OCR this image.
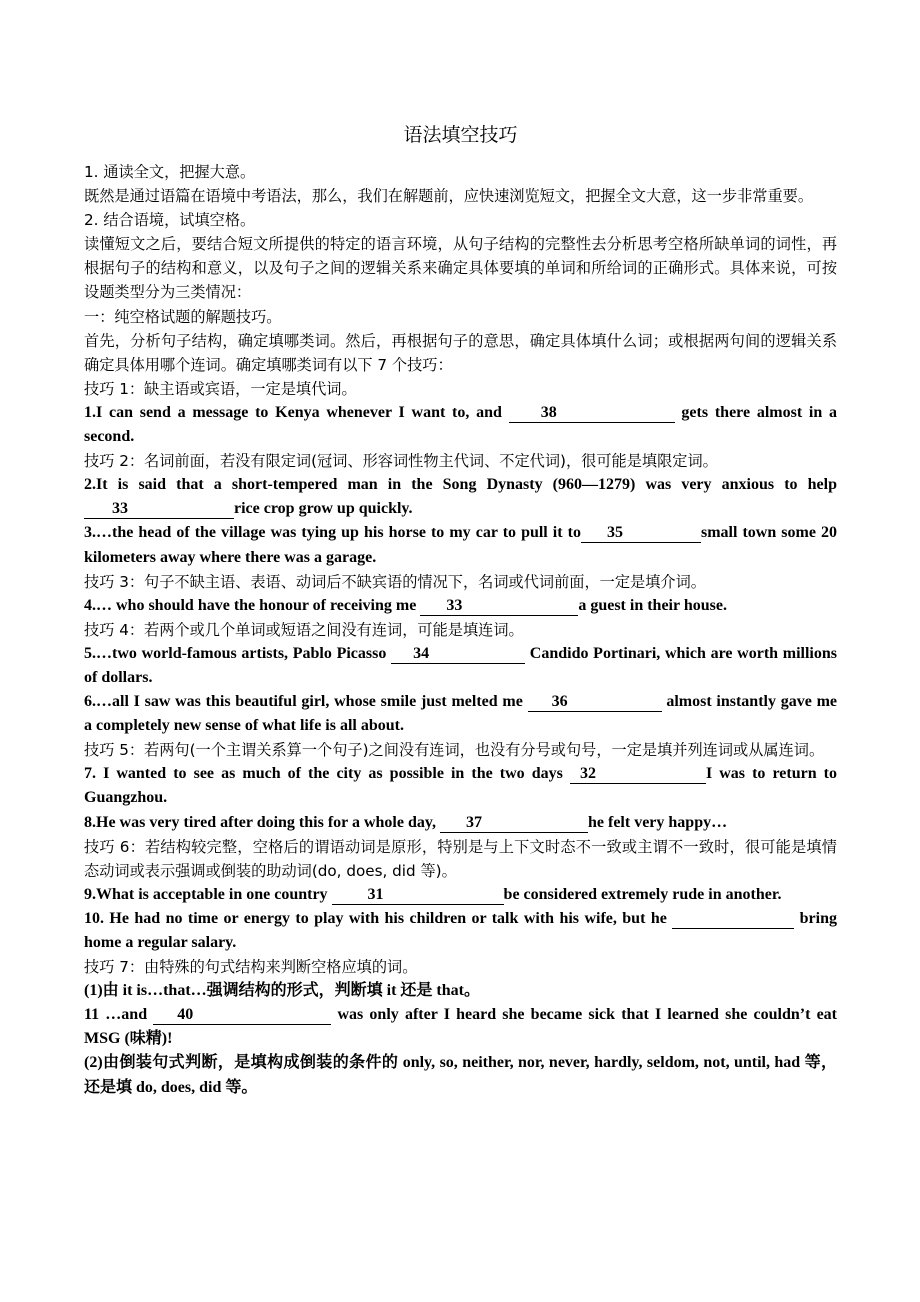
语法填空技巧

1. 通读全文，把握大意。

既然是通过语篇在语境中考语法，那么，我们在解题前，应快速浏览短文，把握全文大意，这一步非常重要。

2. 结合语境，试填空格。

读懂短文之后，要结合短文所提供的特定的语言环境，从句子结构的完整性去分析思考空格所缺单词的词性，再根据句子的结构和意义，以及句子之间的逻辑关系来确定具体要填的单词和所给词的正确形式。具体来说，可按设题类型分为三类情况：

一：纯空格试题的解题技巧。

首先，分析句子结构，确定填哪类词。然后，再根据句子的意思，确定具体填什么词；或根据两句间的逻辑关系确定具体用哪个连词。确定填哪类词有以下 7 个技巧：

技巧 1：缺主语或宾语，一定是填代词。

1.I can send a message to Kenya whenever I want to, and 38	gets there almost in a second.

技巧 2：名词前面，若没有限定词(冠词、形容词性物主代词、不定代词)，很可能是填限定词。

2.It is said that a short-tempered man in the Song Dynasty (960—1279) was very anxious to help 33	rice crop grow up quickly.

3.…the head of the village was tying up his horse to my car to pull it to 35	small town some 20 kilometers away where there was a garage.

技巧 3：句子不缺主语、表语、动词后不缺宾语的情况下，名词或代词前面，一定是填介词。

4.… who should have the honour of receiving me 33	a guest in their house.

技巧 4：若两个或几个单词或短语之间没有连词，可能是填连词。

5.…two world-famous artists, Pablo Picasso 34	Candido Portinari, which are worth millions of dollars.

6.…all I saw was this beautiful girl, whose smile just melted me 36	almost instantly gave me a completely new sense of what life is all about.

技巧 5：若两句(一个主谓关系算一个句子)之间没有连词，也没有分号或句号，一定是填并列连词或从属连词。

7. I wanted to see as much of the city as possible in the two days 32	I was to return to Guangzhou.

8.He was very tired after doing this for a whole day, 37	he felt very happy…

技巧 6：若结构较完整，空格后的谓语动词是原形，特别是与上下文时态不一致或主谓不一致时，很可能是填情态动词或表示强调或倒装的助动词(do, does, did 等)。

9.What is acceptable in one country 31	be considered extremely rude in another.

10. He had no time or energy to play with his children or talk with his wife, but he	bring home a regular salary.

技巧 7：由特殊的句式结构来判断空格应填的词。

(1)由 it is…that…强调结构的形式，判断填 it 还是 that。

11 …and 40	was only after I heard she became sick that I learned she couldn’t eat MSG (味精)!

(2)由倒装句式判断，是填构成倒装的条件的 only, so, neither, nor, never, hardly, seldom, not, until, had 等，还是填 do, does, did 等。
